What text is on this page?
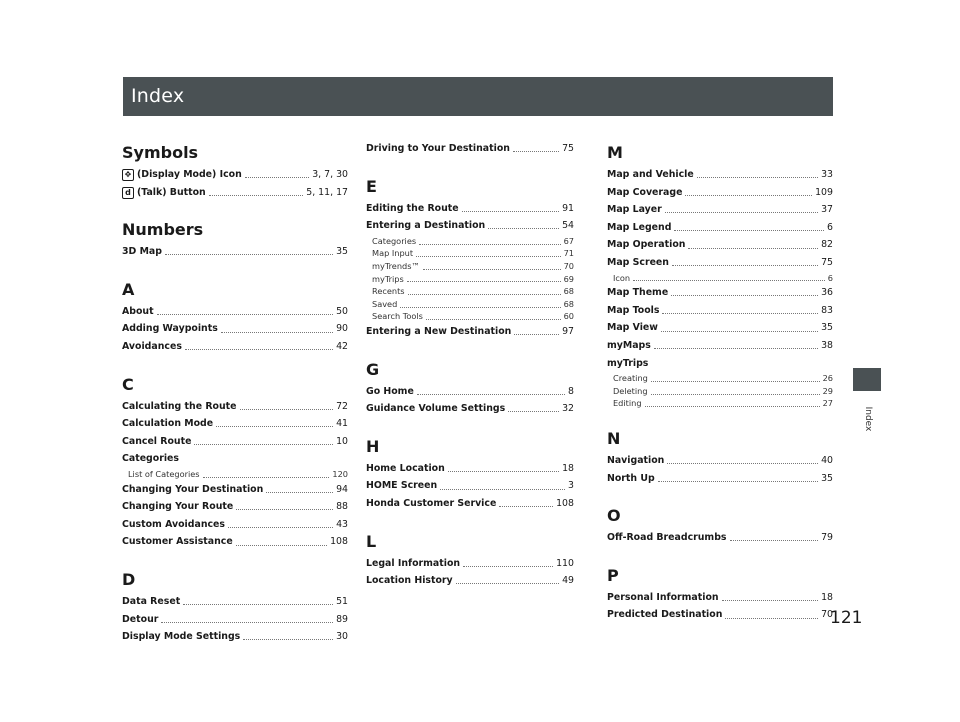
Index
Index
121
Symbols
✥ (Display Mode) Icon	3, 7, 30
d (Talk) Button	5, 11, 17
Numbers
3D Map	35
A
About	50
Adding Waypoints	90
Avoidances	42
C
Calculating the Route	72
Calculation Mode	41
Cancel Route	10
Categories
List of Categories	120
Changing Your Destination	94
Changing Your Route	88
Custom Avoidances	43
Customer Assistance	108
D
Data Reset	51
Detour	89
Display Mode Settings	30
Driving to Your Destination	75
E
Editing the Route	91
Entering a Destination	54
Categories	67
Map Input	71
myTrends™	70
myTrips	69
Recents	68
Saved	68
Search Tools	60
Entering a New Destination	97
G
Go Home	8
Guidance Volume Settings	32
H
Home Location	18
HOME Screen	3
Honda Customer Service	108
L
Legal Information	110
Location History	49
M
Map and Vehicle	33
Map Coverage	109
Map Layer	37
Map Legend	6
Map Operation	82
Map Screen	75
Icon	6
Map Theme	36
Map Tools	83
Map View	35
myMaps	38
myTrips
Creating	26
Deleting	29
Editing	27
N
Navigation	40
North Up	35
O
Off-Road Breadcrumbs	79
P
Personal Information	18
Predicted Destination	70
